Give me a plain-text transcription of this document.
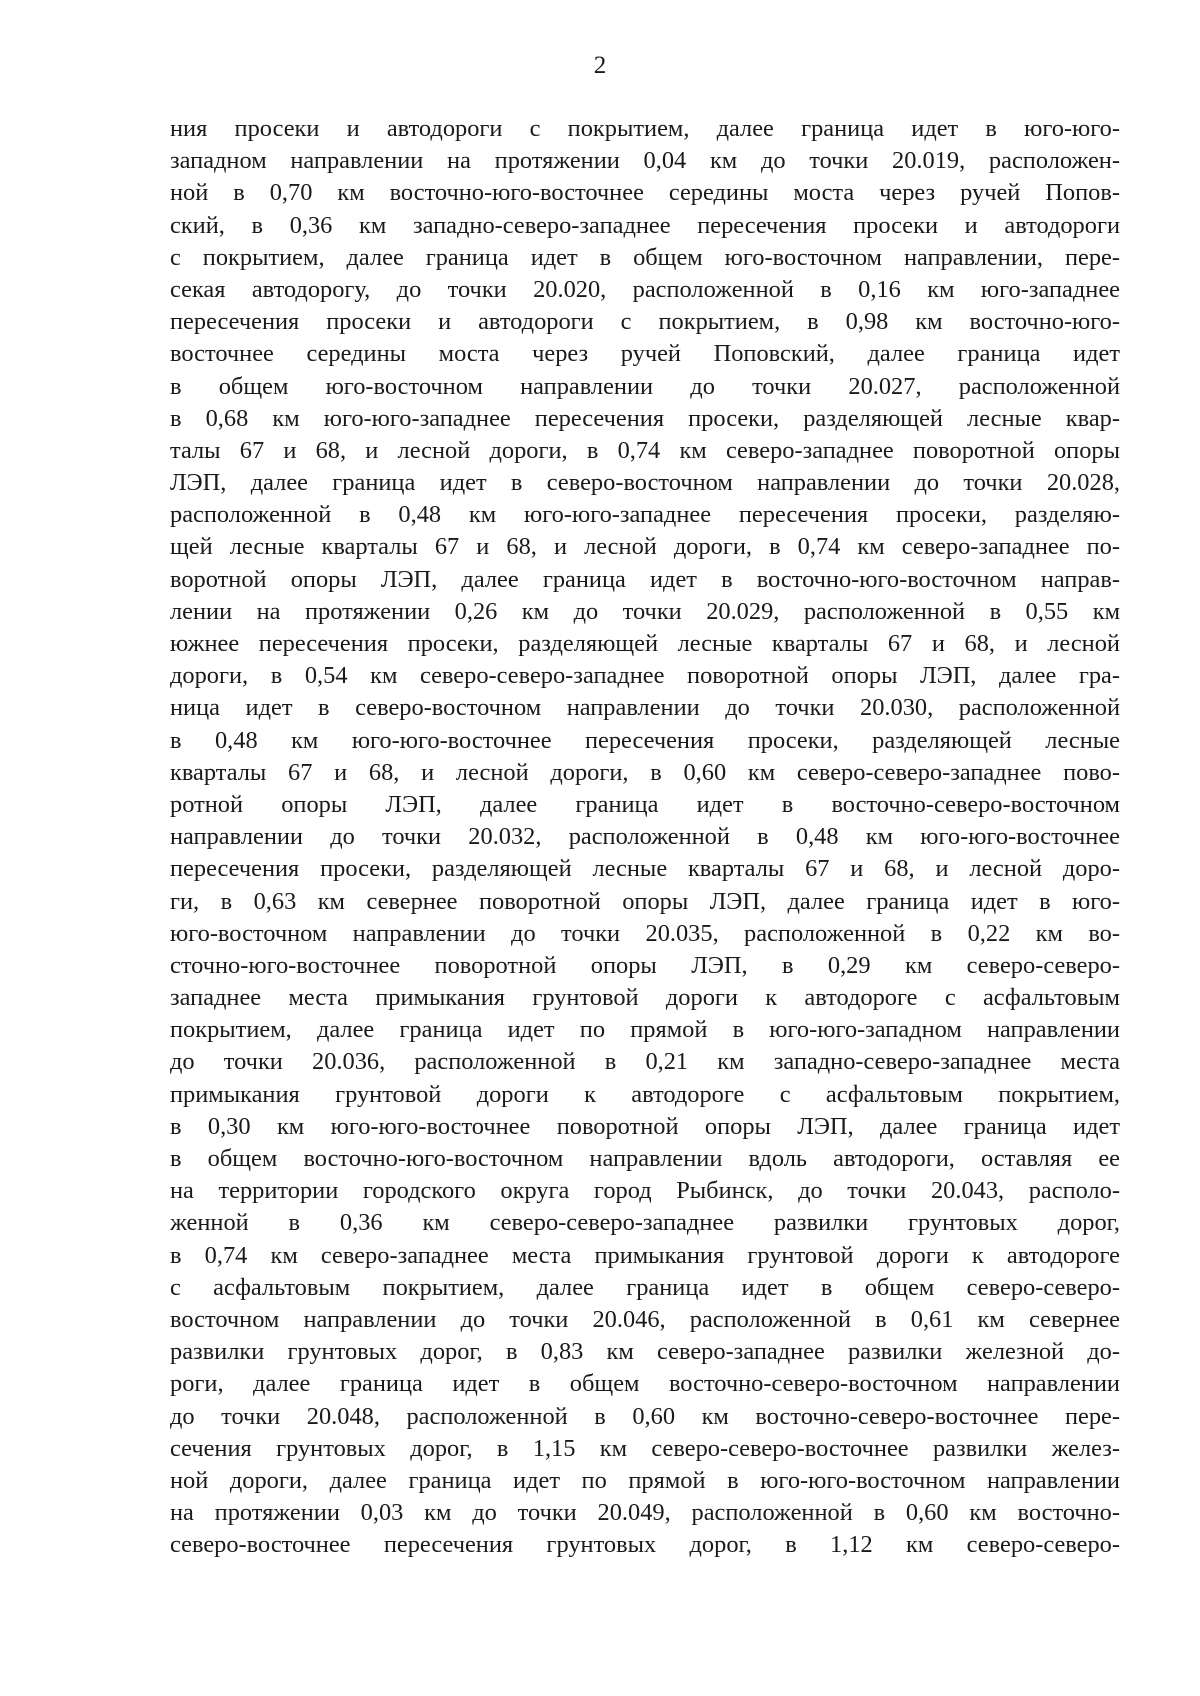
2
ния просеки и автодороги с покрытием, далее граница идет в юго-юго-
западном направлении на протяжении 0,04 км до точки 20.019, расположен-
ной в 0,70 км восточно-юго-восточнее середины моста через ручей Попов-
ский, в 0,36 км западно-северо-западнее пересечения просеки и автодороги
с покрытием, далее граница идет в общем юго-восточном направлении, пере-
секая автодорогу, до точки 20.020, расположенной в 0,16 км юго-западнее
пересечения просеки и автодороги с покрытием, в 0,98 км восточно-юго-
восточнее середины моста через ручей Поповский, далее граница идет
в общем юго-восточном направлении до точки 20.027, расположенной
в 0,68 км юго-юго-западнее пересечения просеки, разделяющей лесные квар-
талы 67 и 68, и лесной дороги, в 0,74 км северо-западнее поворотной опоры
ЛЭП, далее граница идет в северо-восточном направлении до точки 20.028,
расположенной в 0,48 км юго-юго-западнее пересечения просеки, разделяю-
щей лесные кварталы 67 и 68, и лесной дороги, в 0,74 км северо-западнее по-
воротной опоры ЛЭП, далее граница идет в восточно-юго-восточном направ-
лении на протяжении 0,26 км до точки 20.029, расположенной в 0,55 км
южнее пересечения просеки, разделяющей лесные кварталы 67 и 68, и лесной
дороги, в 0,54 км северо-северо-западнее поворотной опоры ЛЭП, далее гра-
ница идет в северо-восточном направлении до точки 20.030, расположенной
в 0,48 км юго-юго-восточнее пересечения просеки, разделяющей лесные
кварталы 67 и 68, и лесной дороги, в 0,60 км северо-северо-западнее пово-
ротной опоры ЛЭП, далее граница идет в восточно-северо-восточном
направлении до точки 20.032, расположенной в 0,48 км юго-юго-восточнее
пересечения просеки, разделяющей лесные кварталы 67 и 68, и лесной доро-
ги, в 0,63 км севернее поворотной опоры ЛЭП, далее граница идет в юго-
юго-восточном направлении до точки 20.035, расположенной в 0,22 км во-
сточно-юго-восточнее поворотной опоры ЛЭП, в 0,29 км северо-северо-
западнее места примыкания грунтовой дороги к автодороге с асфальтовым
покрытием, далее граница идет по прямой в юго-юго-западном направлении
до точки 20.036, расположенной в 0,21 км западно-северо-западнее места
примыкания грунтовой дороги к автодороге с асфальтовым покрытием,
в 0,30 км юго-юго-восточнее поворотной опоры ЛЭП, далее граница идет
в общем восточно-юго-восточном направлении вдоль автодороги, оставляя ее
на территории городского округа город Рыбинск, до точки 20.043, располо-
женной в 0,36 км северо-северо-западнее развилки грунтовых дорог,
в 0,74 км северо-западнее места примыкания грунтовой дороги к автодороге
с асфальтовым покрытием, далее граница идет в общем северо-северо-
восточном направлении до точки 20.046, расположенной в 0,61 км севернее
развилки грунтовых дорог, в 0,83 км северо-западнее развилки железной до-
роги, далее граница идет в общем восточно-северо-восточном направлении
до точки 20.048, расположенной в 0,60 км восточно-северо-восточнее пере-
сечения грунтовых дорог, в 1,15 км северо-северо-восточнее развилки желез-
ной дороги, далее граница идет по прямой в юго-юго-восточном направлении
на протяжении 0,03 км до точки 20.049, расположенной в 0,60 км восточно-
северо-восточнее пересечения грунтовых дорог, в 1,12 км северо-северо-
